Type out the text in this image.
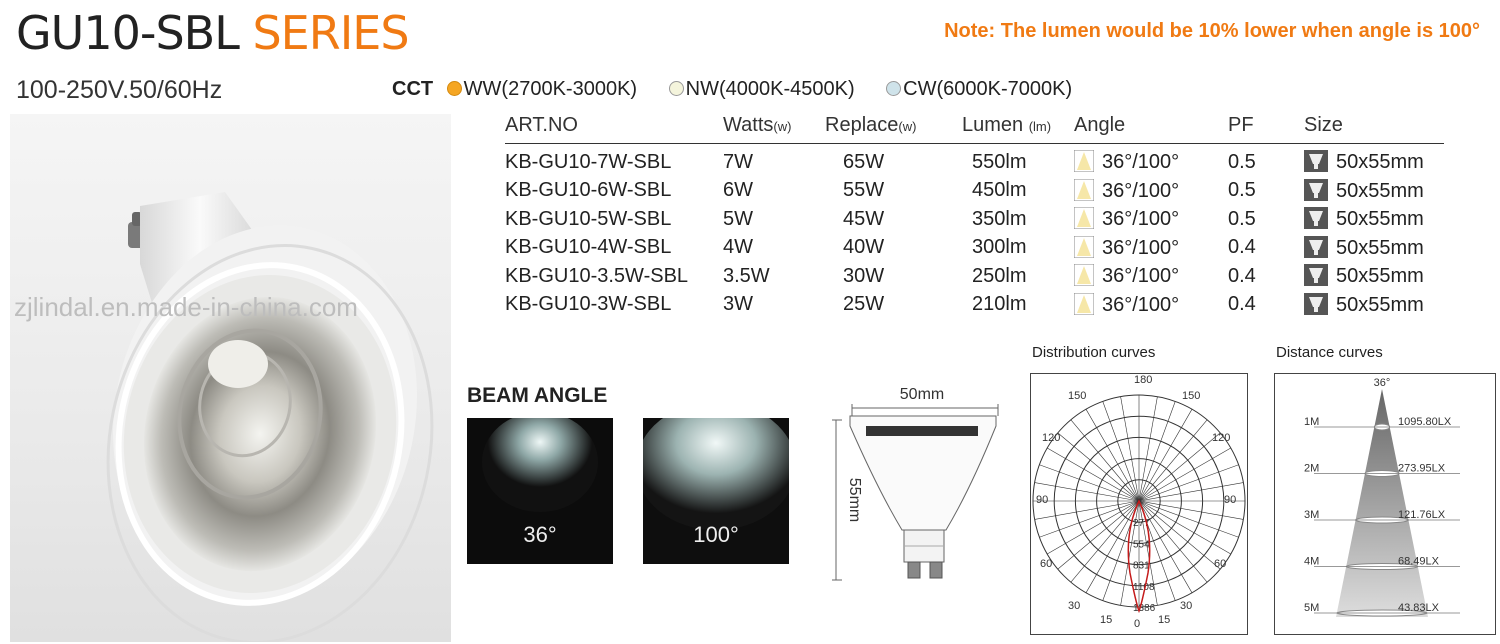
GU10-SBL SERIES	Note: The lumen would be 10% lower when angle is 100°
100-250V.50/60Hz	CCT WW(2700K-3000K) NW(4000K-4500K) CW(6000K-7000K)
zjlindal.en.made-in-china.com
ART.NO	Watts(w)	Replace(w)	Lumen (lm)	Angle	PF	Size
KB-GU10-7W-SBL	7W	65W	550lm	36°/100°	0.5	50x55mm
KB-GU10-6W-SBL	6W	55W	450lm	36°/100°	0.5	50x55mm
KB-GU10-5W-SBL	5W	45W	350lm	36°/100°	0.5	50x55mm
KB-GU10-4W-SBL	4W	40W	300lm	36°/100°	0.4	50x55mm
KB-GU10-3.5W-SBL	3.5W	30W	250lm	36°/100°	0.4	50x55mm
KB-GU10-3W-SBL	3W	25W	210lm	36°/100°	0.4	50x55mm
BEAM ANGLE
36°	100°
50mm
55mm
Distribution curves
180
150	150
120	120
90	90
60	60
30	30
15 0 15
277
554
831
1108
1386
Distance curves
36°
1M	1095.80LX
2M	273.95LX
3M	121.76LX
4M	68.49LX
5M	43.83LX
